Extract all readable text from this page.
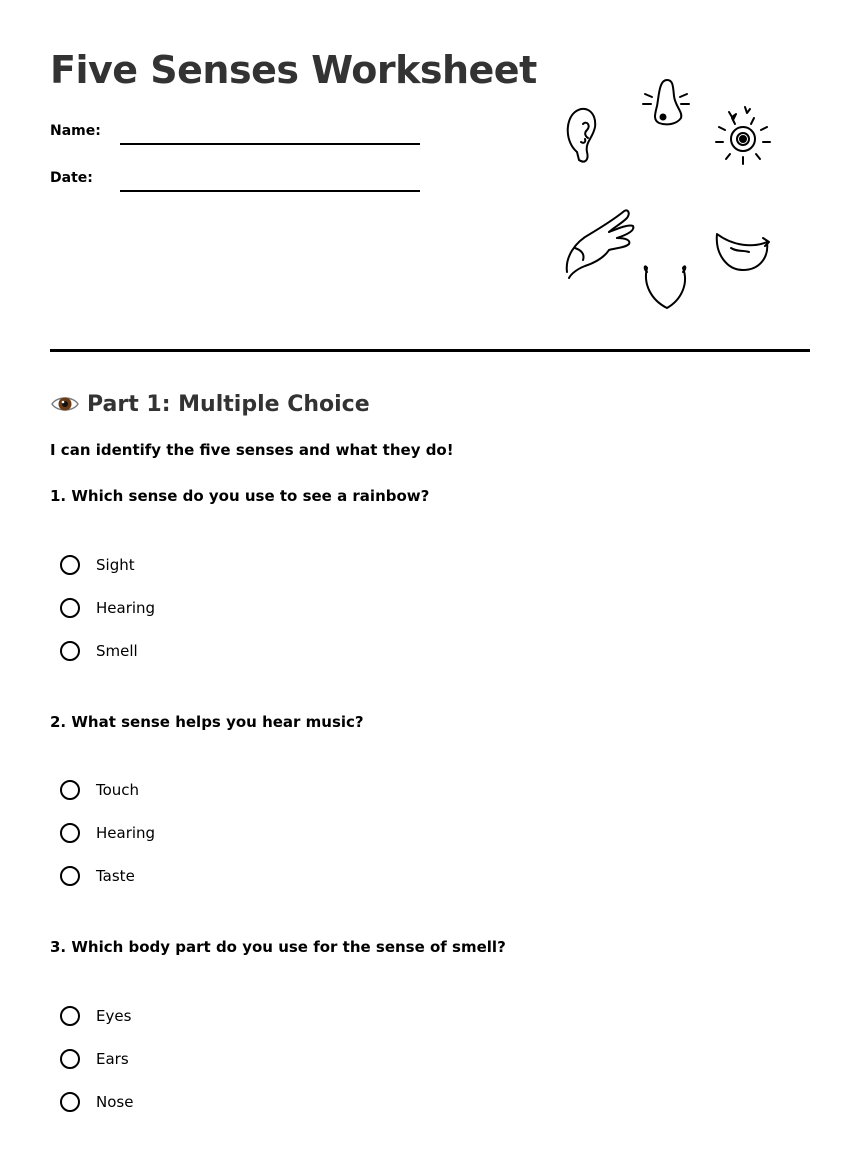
Five Senses Worksheet
Name:
Date:
Part 1: Multiple Choice

I can identify the five senses and what they do!

1. Which sense do you use to see a rainbow?

Sight
Hearing
Smell

2. What sense helps you hear music?

Touch
Hearing
Taste

3. Which body part do you use for the sense of smell?

Eyes
Ears
Nose
